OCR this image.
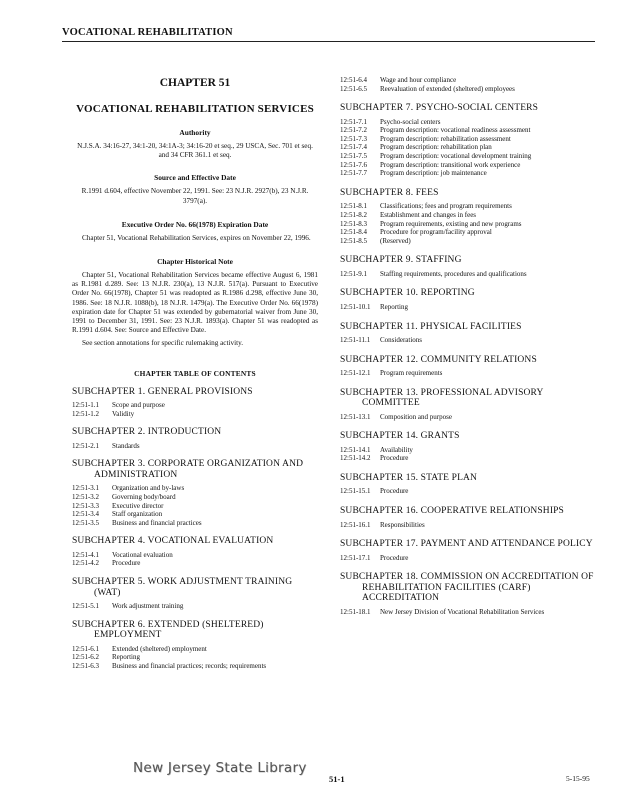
VOCATIONAL REHABILITATION
CHAPTER 51
VOCATIONAL REHABILITATION SERVICES
Authority
N.J.S.A. 34:16-27, 34:1-20, 34:1A-3; 34:16-20 et seq., 29 USCA, Sec. 701 et seq. and 34 CFR 361.1 et seq.
Source and Effective Date
R.1991 d.604, effective November 22, 1991. See: 23 N.J.R. 2927(b), 23 N.J.R. 3797(a).
Executive Order No. 66(1978) Expiration Date
Chapter 51, Vocational Rehabilitation Services, expires on November 22, 1996.
Chapter Historical Note
Chapter 51, Vocational Rehabilitation Services became effective August 6, 1981 as R.1981 d.289. See: 13 N.J.R. 230(a), 13 N.J.R. 517(a). Pursuant to Executive Order No. 66(1978), Chapter 51 was readopted as R.1986 d.298, effective June 30, 1986. See: 18 N.J.R. 1088(b), 18 N.J.R. 1479(a). The Executive Order No. 66(1978) expiration date for Chapter 51 was extended by gubernatorial waiver from June 30, 1991 to December 31, 1991. See: 23 N.J.R. 1893(a). Chapter 51 was readopted as R.1991 d.604. See: Source and Effective Date.
See section annotations for specific rulemaking activity.
CHAPTER TABLE OF CONTENTS
SUBCHAPTER 1. GENERAL PROVISIONS
12:51-1.1	Scope and purpose
12:51-1.2	Validity
SUBCHAPTER 2. INTRODUCTION
12:51-2.1	Standards
SUBCHAPTER 3. CORPORATE ORGANIZATION AND ADMINISTRATION
12:51-3.1	Organization and by-laws
12:51-3.2	Governing body/board
12:51-3.3	Executive director
12:51-3.4	Staff organization
12:51-3.5	Business and financial practices
SUBCHAPTER 4. VOCATIONAL EVALUATION
12:51-4.1	Vocational evaluation
12:51-4.2	Procedure
SUBCHAPTER 5. WORK ADJUSTMENT TRAINING (WAT)
12:51-5.1	Work adjustment training
SUBCHAPTER 6. EXTENDED (SHELTERED) EMPLOYMENT
12:51-6.1	Extended (sheltered) employment
12:51-6.2	Reporting
12:51-6.3	Business and financial practices; records; requirements
12:51-6.4	Wage and hour compliance
12:51-6.5	Reevaluation of extended (sheltered) employees
SUBCHAPTER 7. PSYCHO-SOCIAL CENTERS
12:51-7.1	Psycho-social centers
12:51-7.2	Program description: vocational readiness assessment
12:51-7.3	Program description: rehabilitation assessment
12:51-7.4	Program description: rehabilitation plan
12:51-7.5	Program description: vocational development training
12:51-7.6	Program description: transitional work experience
12:51-7.7	Program description: job maintenance
SUBCHAPTER 8. FEES
12:51-8.1	Classifications; fees and program requirements
12:51-8.2	Establishment and changes in fees
12:51-8.3	Program requirements, existing and new programs
12:51-8.4	Procedure for program/facility approval
12:51-8.5	(Reserved)
SUBCHAPTER 9. STAFFING
12:51-9.1	Staffing requirements, procedures and qualifications
SUBCHAPTER 10. REPORTING
12:51-10.1	Reporting
SUBCHAPTER 11. PHYSICAL FACILITIES
12:51-11.1	Considerations
SUBCHAPTER 12. COMMUNITY RELATIONS
12:51-12.1	Program requirements
SUBCHAPTER 13. PROFESSIONAL ADVISORY COMMITTEE
12:51-13.1	Composition and purpose
SUBCHAPTER 14. GRANTS
12:51-14.1	Availability
12:51-14.2	Procedure
SUBCHAPTER 15. STATE PLAN
12:51-15.1	Procedure
SUBCHAPTER 16. COOPERATIVE RELATIONSHIPS
12:51-16.1	Responsibilities
SUBCHAPTER 17. PAYMENT AND ATTENDANCE POLICY
12:51-17.1	Procedure
SUBCHAPTER 18. COMMISSION ON ACCREDITATION OF REHABILITATION FACILITIES (CARF) ACCREDITATION
12:51-18.1	New Jersey Division of Vocational Rehabilitation Services
51-1	5-15-95
New Jersey State Library
